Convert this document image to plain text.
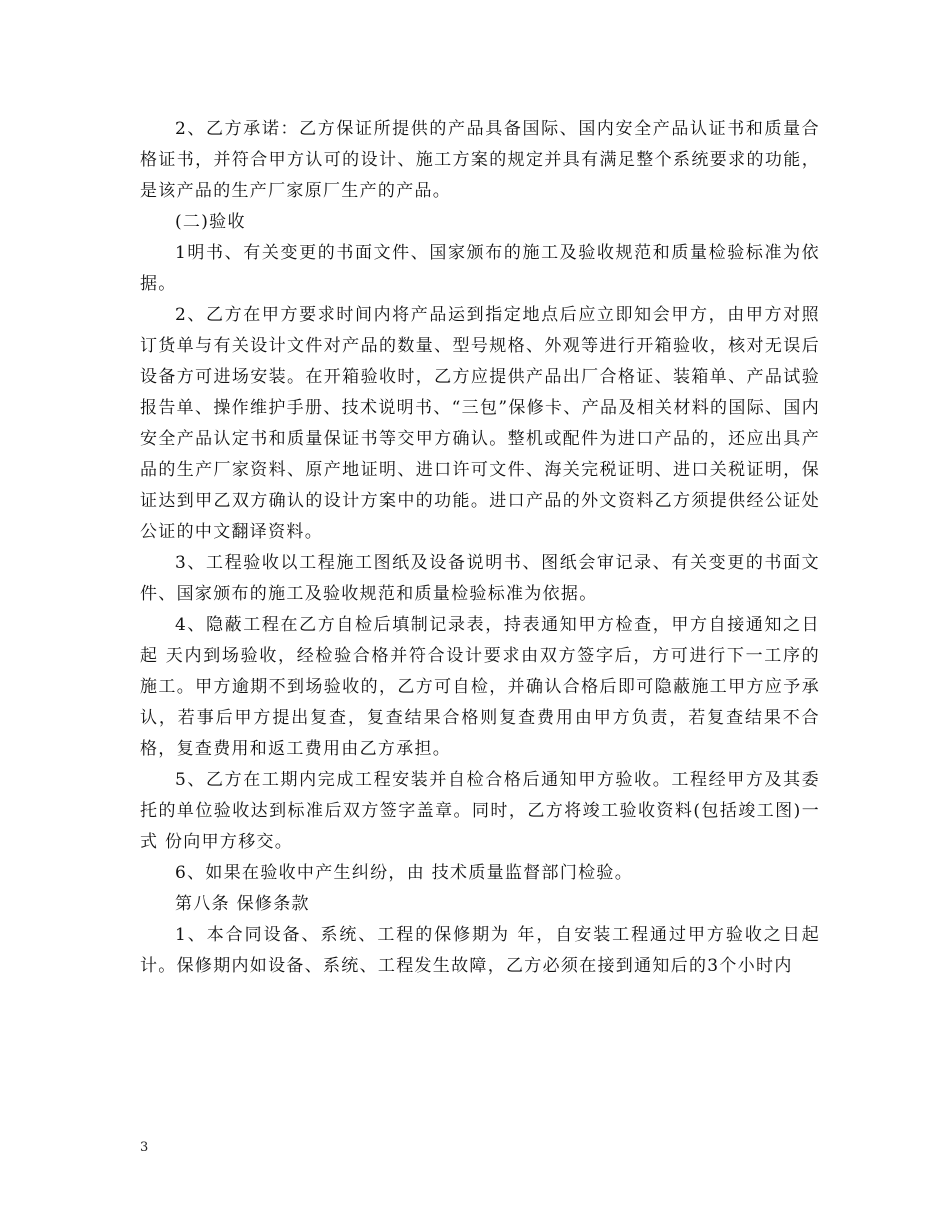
2、乙方承诺：乙方保证所提供的产品具备国际、国内安全产品认证书和质量合格证书，并符合甲方认可的设计、施工方案的规定并具有满足整个系统要求的功能，是该产品的生产厂家原厂生产的产品。

(二)验收

1明书、有关变更的书面文件、国家颁布的施工及验收规范和质量检验标准为依据。

2、乙方在甲方要求时间内将产品运到指定地点后应立即知会甲方，由甲方对照订货单与有关设计文件对产品的数量、型号规格、外观等进行开箱验收，核对无误后设备方可进场安装。在开箱验收时，乙方应提供产品出厂合格证、装箱单、产品试验报告单、操作维护手册、技术说明书、“三包”保修卡、产品及相关材料的国际、国内安全产品认定书和质量保证书等交甲方确认。整机或配件为进口产品的，还应出具产品的生产厂家资料、原产地证明、进口许可文件、海关完税证明、进口关税证明，保证达到甲乙双方确认的设计方案中的功能。进口产品的外文资料乙方须提供经公证处公证的中文翻译资料。

3、工程验收以工程施工图纸及设备说明书、图纸会审记录、有关变更的书面文件、国家颁布的施工及验收规范和质量检验标准为依据。

4、隐蔽工程在乙方自检后填制记录表，持表通知甲方检查，甲方自接通知之日起 天内到场验收，经检验合格并符合设计要求由双方签字后，方可进行下一工序的施工。甲方逾期不到场验收的，乙方可自检，并确认合格后即可隐蔽施工甲方应予承认，若事后甲方提出复查，复查结果合格则复查费用由甲方负责，若复查结果不合格，复查费用和返工费用由乙方承担。

5、乙方在工期内完成工程安装并自检合格后通知甲方验收。工程经甲方及其委托的单位验收达到标准后双方签字盖章。同时，乙方将竣工验收资料(包括竣工图)一式 份向甲方移交。

6、如果在验收中产生纠纷，由 技术质量监督部门检验。

第八条 保修条款

1、本合同设备、系统、工程的保修期为 年，自安装工程通过甲方验收之日起计。保修期内如设备、系统、工程发生故障，乙方必须在接到通知后的3个小时内

3
